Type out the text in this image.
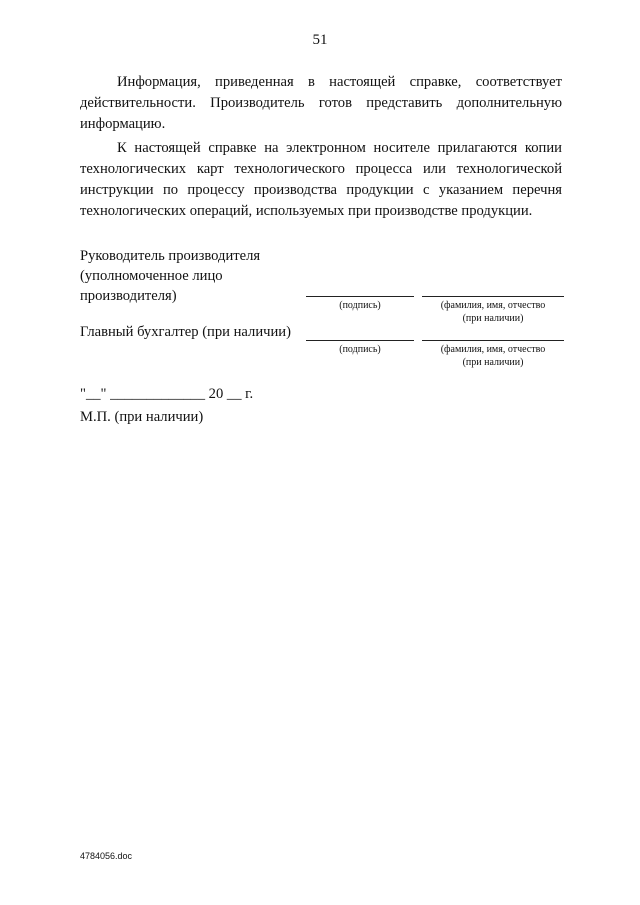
51

Информация, приведенная в настоящей справке, соответствует действительности. Производитель готов представить дополнительную информацию.

К настоящей справке на электронном носителе прилагаются копии технологических карт технологического процесса или технологической инструкции по процессу производства продукции с указанием перечня технологических операций, используемых при производстве продукции.

Руководитель производителя (уполномоченное лицо производителя)
(подпись)	(фамилия, имя, отчество
(при наличии)
Главный бухгалтер (при наличии)
(подпись)	(фамилия, имя, отчество
(при наличии)
"__" _____________ 20 __ г.
М.П. (при наличии)
4784056.doc
